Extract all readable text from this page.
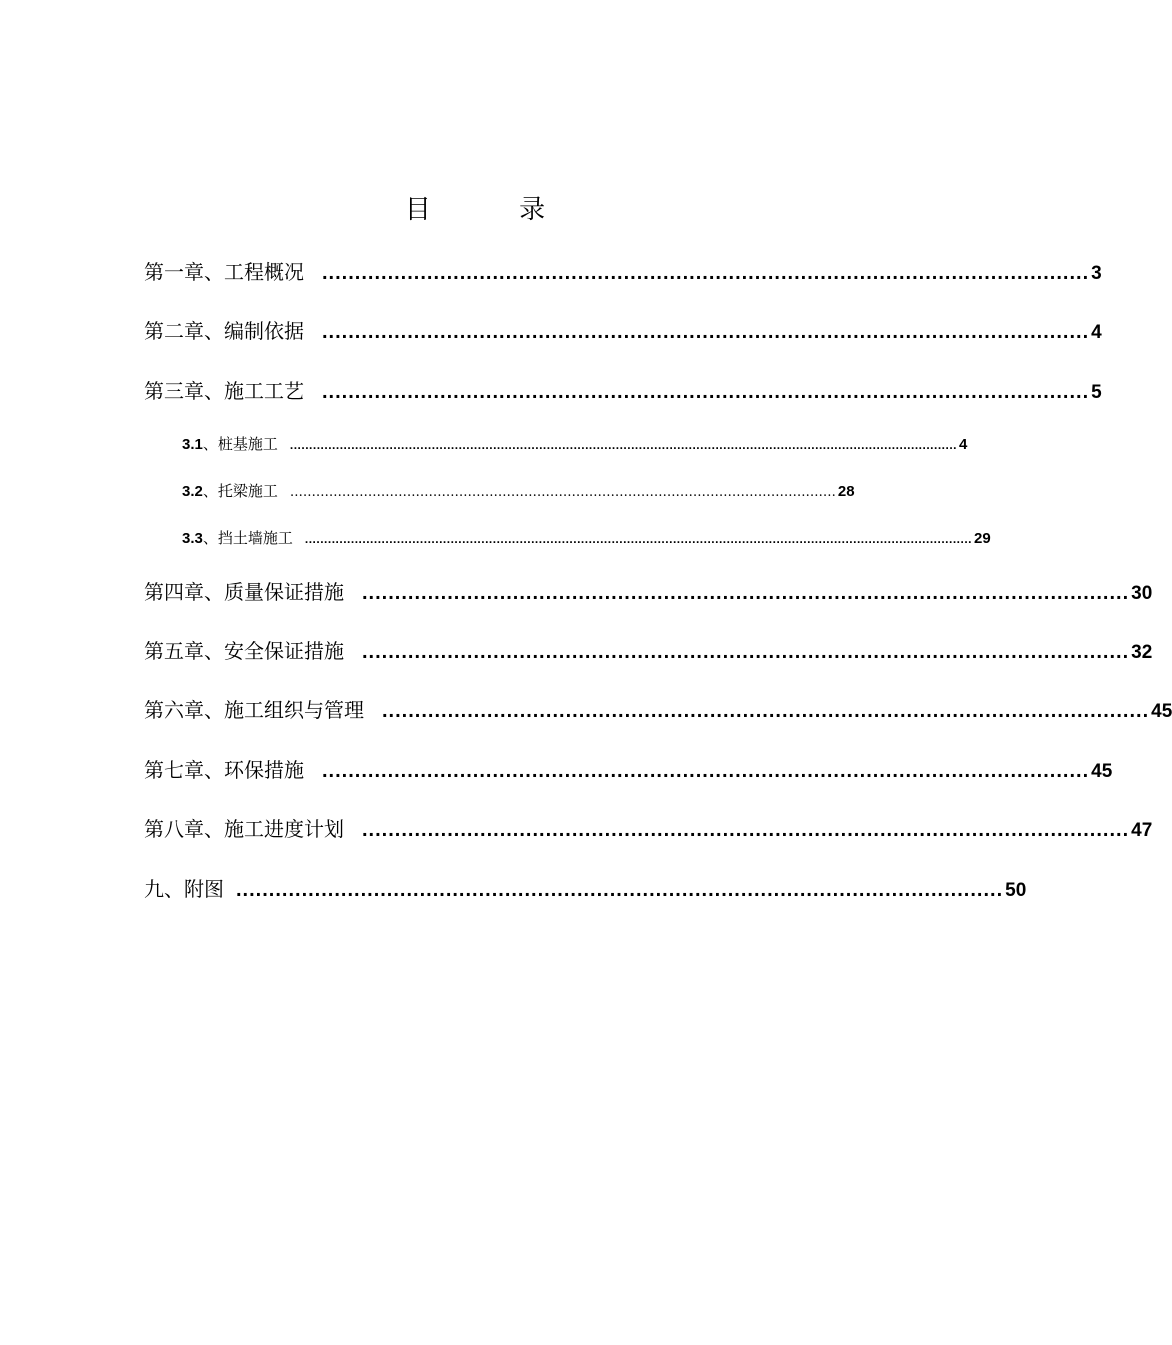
目 录
第一章、工程概况 ..................................................................................................................... 3
第二章、编制依据 ..................................................................................................................... 4
第三章、施工工艺 ..................................................................................................................... 5
3.1 、桩基施工 .............................................................................................................................................................................. 4
3.2 、托梁施工 ……………………………………………………………………………………………………………… 28
3.3 、挡土墙施工 .............................................................................................................................................................................. 29
第四章、质量保证措施 ..................................................................................................................... 30
第五章、安全保证措施 ..................................................................................................................... 32
第六章、施工组织与管理 ..................................................................................................................... 45
第七章、环保措施 ..................................................................................................................... 45
第八章、施工进度计划 ..................................................................................................................... 47
九、附图 ..................................................................................................................... 50
